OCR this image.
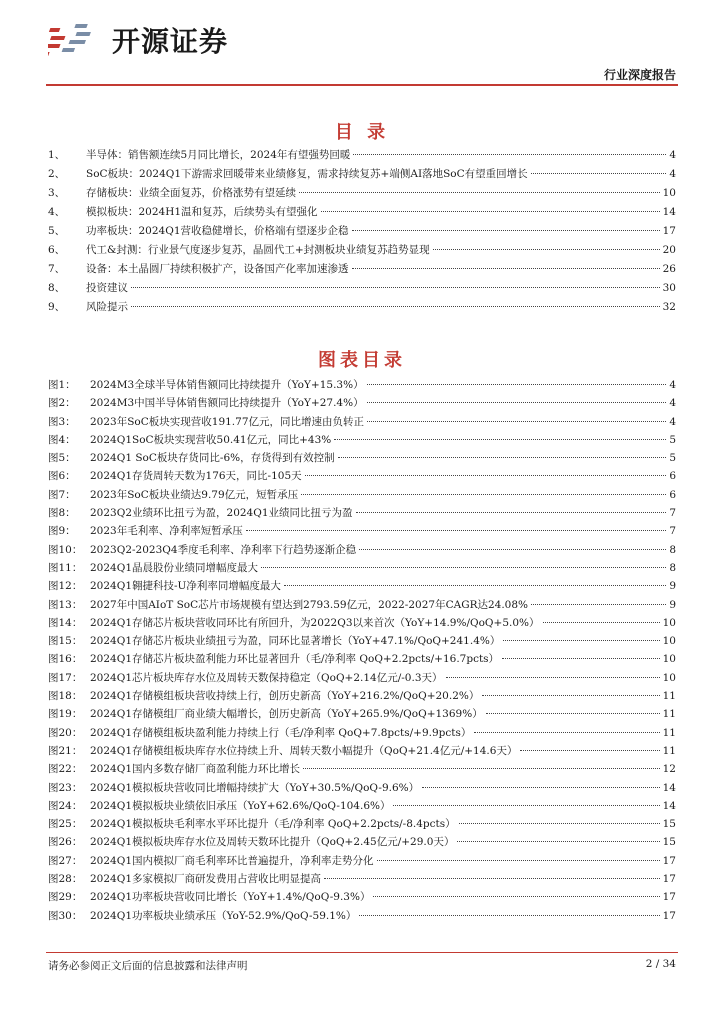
开源证券
行业深度报告
目 录
1、	半导体：销售额连续5月同比增长，2024年有望强势回暖	4
2、	SoC板块：2024Q1下游需求回暖带来业绩修复，需求持续复苏+端侧AI落地SoC有望重回增长	4
3、	存储板块：业绩全面复苏，价格涨势有望延续	10
4、	模拟板块：2024H1温和复苏，后续势头有望强化	14
5、	功率板块：2024Q1营收稳健增长，价格端有望逐步企稳	17
6、	代工&封测：行业景气度逐步复苏，晶圆代工+封测板块业绩复苏趋势显现	20
7、	设备：本土晶圆厂持续积极扩产，设备国产化率加速渗透	26
8、	投资建议	30
9、	风险提示	32
图表目录
图1：	2024M3全球半导体销售额同比持续提升（YoY+15.3%）	4
图2：	2024M3中国半导体销售额同比持续提升（YoY+27.4%）	4
图3：	2023年SoC板块实现营收191.77亿元，同比增速由负转正	4
图4：	2024Q1SoC板块实现营收50.41亿元，同比+43%	5
图5：	2024Q1 SoC板块存货同比-6%，存货得到有效控制	5
图6：	2024Q1存货周转天数为176天，同比-105天	6
图7：	2023年SoC板块业绩达9.79亿元，短暂承压	6
图8：	2023Q2业绩环比扭亏为盈，2024Q1业绩同比扭亏为盈	7
图9：	2023年毛利率、净利率短暂承压	7
图10： 2023Q2-2023Q4季度毛利率、净利率下行趋势逐渐企稳	8
图11： 2024Q1晶晨股份业绩同增幅度最大	8
图12： 2024Q1翱捷科技-U净利率同增幅度最大	9
图13： 2027年中国AIoT SoC芯片市场规模有望达到2793.59亿元，2022-2027年CAGR达24.08%	9
图14： 2024Q1存储芯片板块营收同环比有所回升，为2022Q3以来首次（YoY+14.9%/QoQ+5.0%）	10
图15： 2024Q1存储芯片板块业绩扭亏为盈，同环比显著增长（YoY+47.1%/QoQ+241.4%）	10
图16： 2024Q1存储芯片板块盈利能力环比显著回升（毛/净利率 QoQ+2.2pcts/+16.7pcts）	10
图17： 2024Q1芯片板块库存水位及周转天数保持稳定（QoQ+2.14亿元/-0.3天）	10
图18： 2024Q1存储模组板块营收持续上行，创历史新高（YoY+216.2%/QoQ+20.2%）	11
图19： 2024Q1存储模组厂商业绩大幅增长，创历史新高（YoY+265.9%/QoQ+1369%）	11
图20： 2024Q1存储模组板块盈利能力持续上行（毛/净利率 QoQ+7.8pcts/+9.9pcts）	11
图21： 2024Q1存储模组板块库存水位持续上升、周转天数小幅提升（QoQ+21.4亿元/+14.6天）	11
图22： 2024Q1国内多数存储厂商盈利能力环比增长	12
图23： 2024Q1模拟板块营收同比增幅持续扩大（YoY+30.5%/QoQ-9.6%）	14
图24： 2024Q1模拟板块业绩依旧承压（YoY+62.6%/QoQ-104.6%）	14
图25： 2024Q1模拟板块毛利率水平环比提升（毛/净利率 QoQ+2.2pcts/-8.4pcts）	15
图26： 2024Q1模拟板块库存水位及周转天数环比提升（QoQ+2.45亿元/+29.0天）	15
图27： 2024Q1国内模拟厂商毛利率环比普遍提升，净利率走势分化	17
图28： 2024Q1多家模拟厂商研发费用占营收比明显提高	17
图29： 2024Q1功率板块营收同比增长（YoY+1.4%/QoQ-9.3%）	17
图30： 2024Q1功率板块业绩承压（YoY-52.9%/QoQ-59.1%）	17
请务必参阅正文后面的信息披露和法律声明	2 / 34
